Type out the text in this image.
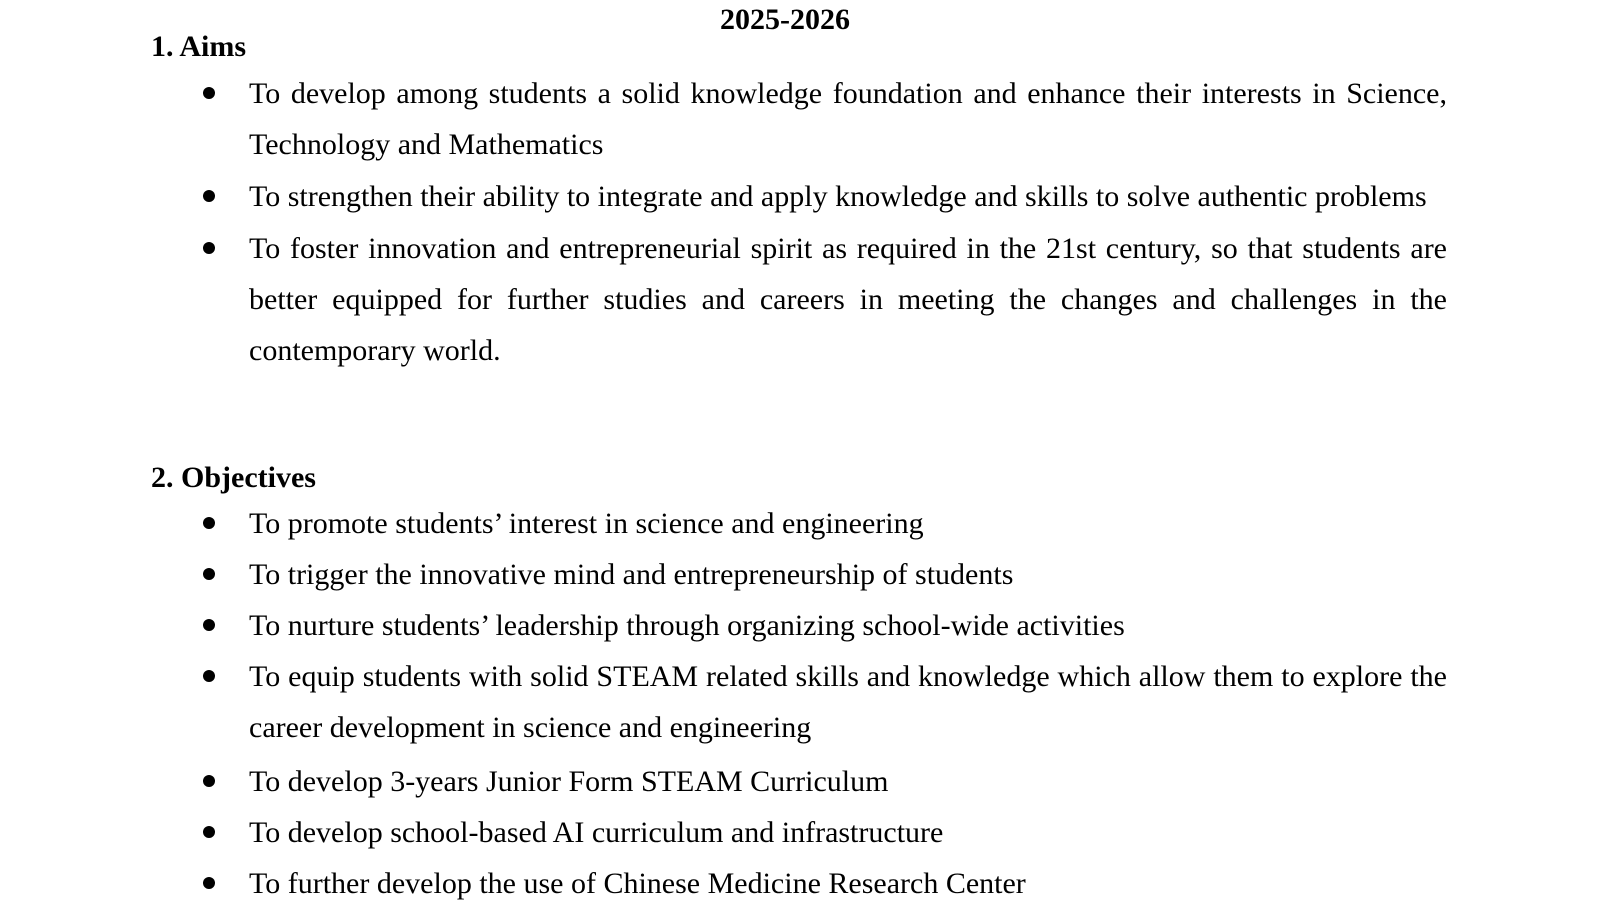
2025-2026
1. Aims
To develop among students a solid knowledge foundation and enhance their interests in Science, Technology and Mathematics
To strengthen their ability to integrate and apply knowledge and skills to solve authentic problems
To foster innovation and entrepreneurial spirit as required in the 21st century, so that students are better equipped for further studies and careers in meeting the changes and challenges in the contemporary world.
2. Objectives
To promote students’ interest in science and engineering
To trigger the innovative mind and entrepreneurship of students
To nurture students’ leadership through organizing school-wide activities
To equip students with solid STEAM related skills and knowledge which allow them to explore the career development in science and engineering
To develop 3-years Junior Form STEAM Curriculum
To develop school-based AI curriculum and infrastructure
To further develop the use of Chinese Medicine Research Center
